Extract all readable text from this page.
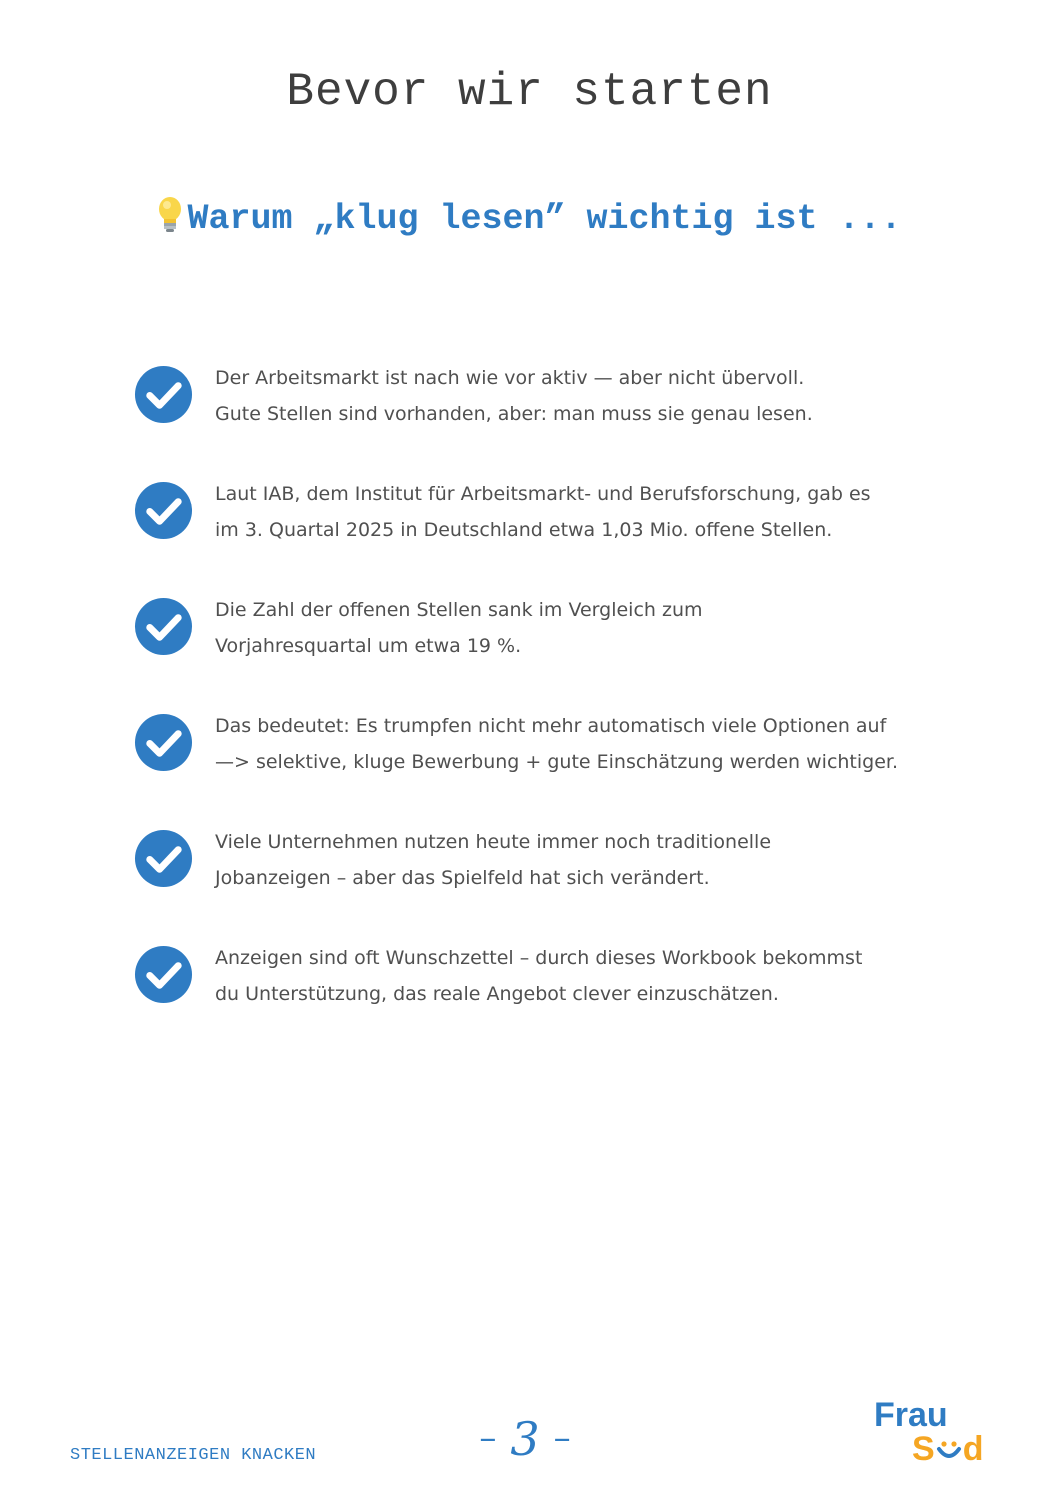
Bevor wir starten
Warum „klug lesen” wichtig ist ...
Der Arbeitsmarkt ist nach wie vor aktiv — aber nicht übervoll.
Gute Stellen sind vorhanden, aber: man muss sie genau lesen.
Laut IAB, dem Institut für Arbeitsmarkt- und Berufsforschung, gab es
im 3. Quartal 2025 in Deutschland etwa 1,03 Mio. offene Stellen.
Die Zahl der offenen Stellen sank im Vergleich zum
Vorjahresquartal um etwa 19 %.
Das bedeutet: Es trumpfen nicht mehr automatisch viele Optionen auf
—> selektive, kluge Bewerbung + gute Einschätzung werden wichtiger.
Viele Unternehmen nutzen heute immer noch traditionelle
Jobanzeigen – aber das Spielfeld hat sich verändert.
Anzeigen sind oft Wunschzettel – durch dieses Workbook bekommst
du Unterstützung, das reale Angebot clever einzuschätzen.
STELLENANZEIGEN KNACKEN	– 3 –
Frau
S d
